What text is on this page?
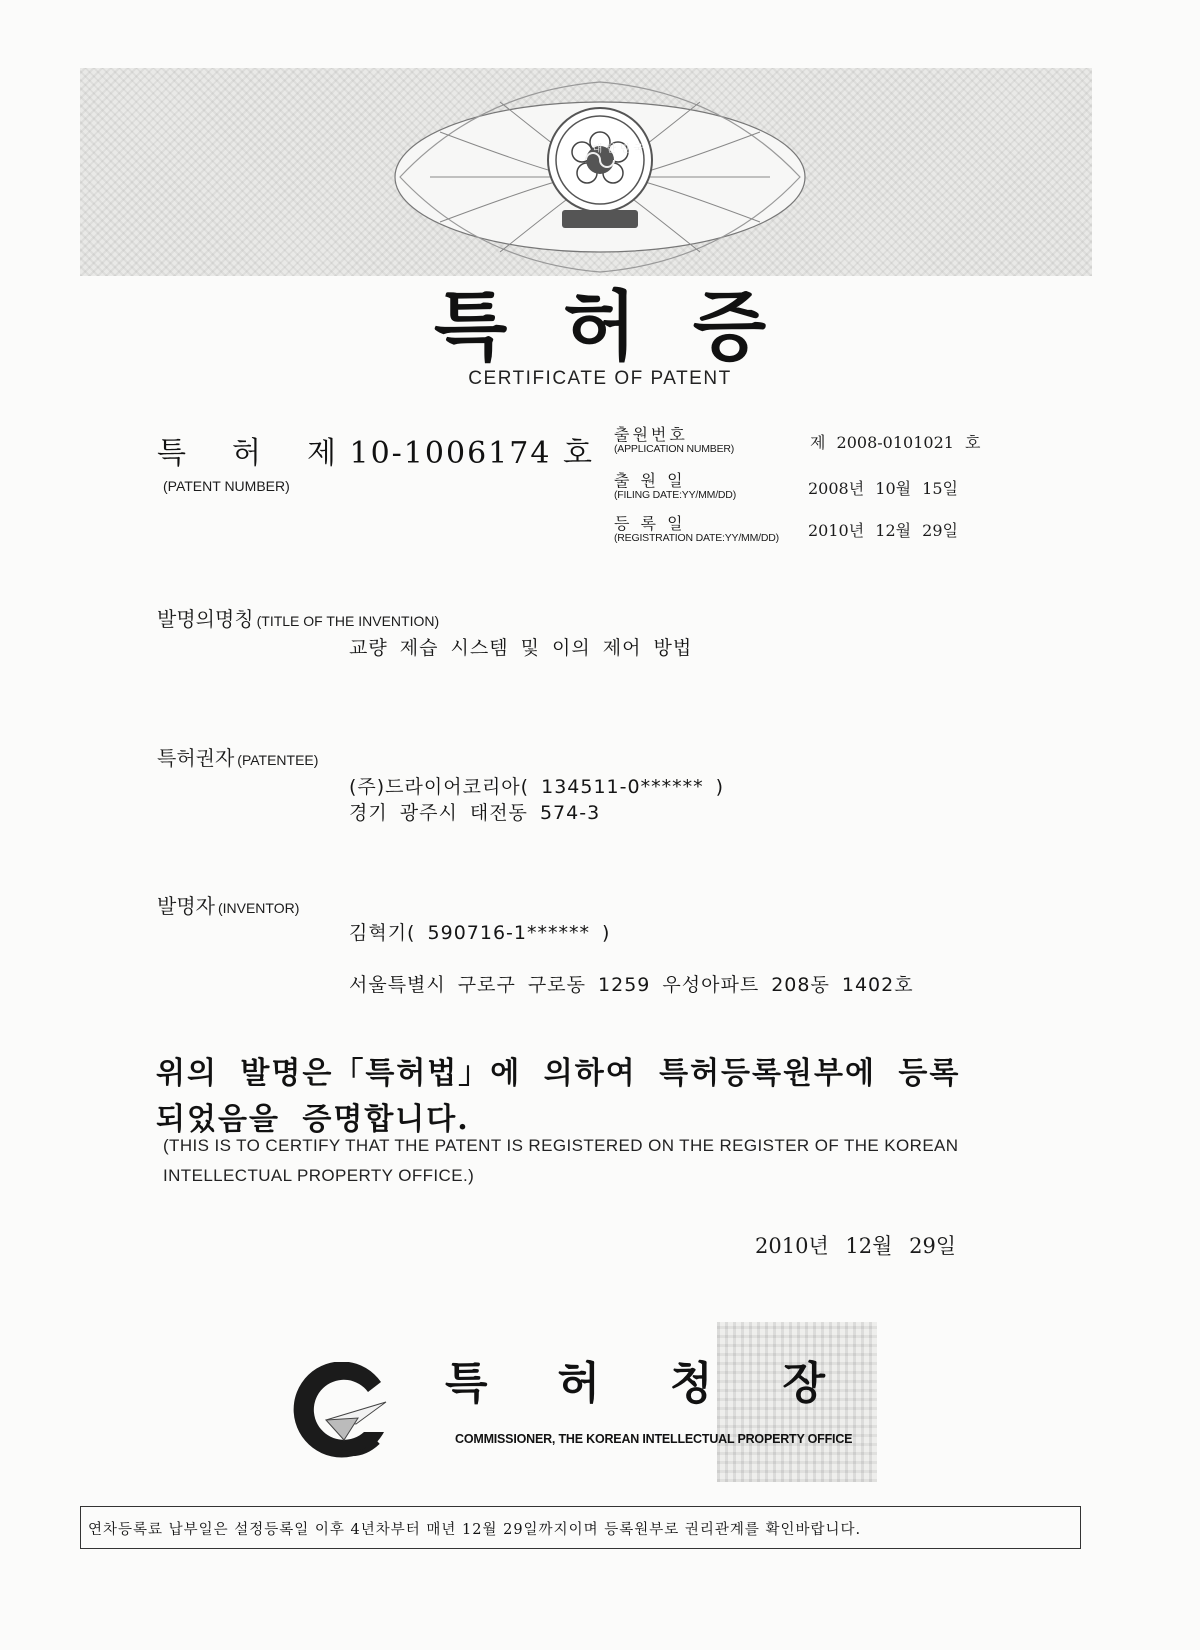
대한민국
특허증
CERTIFICATE OF PATENT
특 허 제 10-1006174 호
(PATENT NUMBER)
출원번호
(APPLICATION NUMBER)	제 2008-0101021 호
출 원 일
(FILING DATE:YY/MM/DD)	2008년 10월 15일
등 록 일
(REGISTRATION DATE:YY/MM/DD) 2010년 12월 29일
발명의명칭 (TITLE OF THE INVENTION)
교량 제습 시스템 및 이의 제어 방법
특허권자 (PATENTEE)
(주)드라이어코리아( 134511-0****** )
경기 광주시 태전동 574-3
발명자 (INVENTOR)
김혁기( 590716-1****** )
서울특별시 구로구 구로동 1259 우성아파트 208동 1402호
위의 발명은「특허법」에 의하여 특허등록원부에 등록
되었음을 증명합니다.
(THIS IS TO CERTIFY THAT THE PATENT IS REGISTERED ON THE REGISTER OF THE KOREAN
INTELLECTUAL PROPERTY OFFICE.)
2010년 12월 29일
특허청장
COMMISSIONER, THE KOREAN INTELLECTUAL PROPERTY OFFICE
연차등록료 납부일은 설정등록일 이후 4년차부터 매년 12월 29일까지이며 등록원부로 권리관계를 확인바랍니다.
